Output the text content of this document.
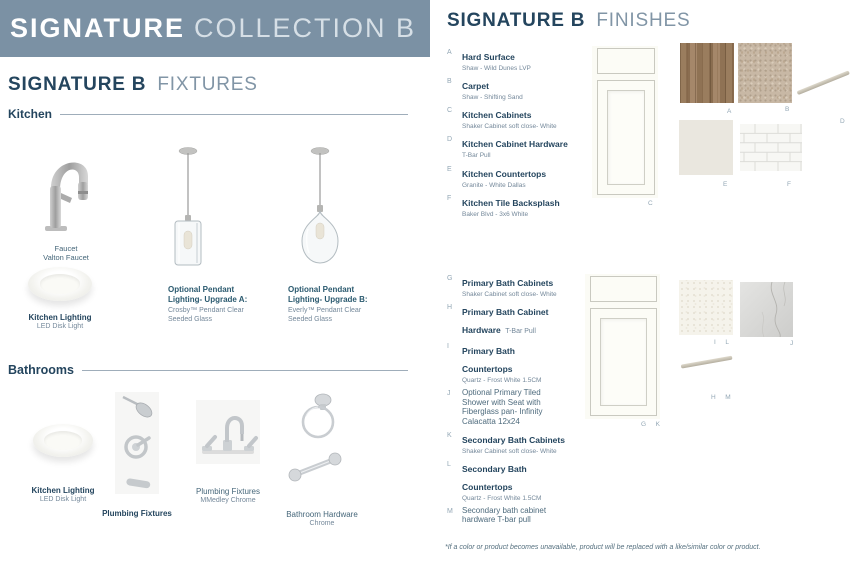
SIGNATURE COLLECTION B
SIGNATURE B FIXTURES
Kitchen
Faucet
Valton Faucet
Kitchen Lighting
LED Disk Light
Optional Pendant
Lighting- Upgrade A:
Crosby™ Pendant Clear
Seeded Glass
Optional Pendant
Lighting- Upgrade B:
Everly™ Pendant Clear
Seeded Glass
Bathrooms
Kitchen Lighting
LED Disk Light
Plumbing Fixtures
Plumbing Fixtures
MMedley Chrome
Bathroom Hardware
Chrome
SIGNATURE B FINISHES
A	Hard Surface
Shaw - Wild Dunes LVP
B	Carpet
Shaw - Shifting Sand
C	Kitchen Cabinets
Shaker Cabinet soft close- White
D	Kitchen Cabinet Hardware
T-Bar Pull
E	Kitchen Countertops
Granite - White Dallas
F	Kitchen Tile Backsplash
Baker Blvd - 3x6 White
C
A	B
D
E	F
G	Primary Bath Cabinets
Shaker Cabinet soft close- White
H	Primary Bath Cabinet Hardware T-Bar Pull
I	Primary Bath Countertops
Quartz - Frost White 1.5CM
J	Optional Primary Tiled Shower with Seat with Fiberglass pan- Infinity Calacatta 12x24
K	Secondary Bath Cabinets
Shaker Cabinet soft close- White
L	Secondary Bath Countertops
Quartz - Frost White 1.5CM
M	Secondary bath cabinet hardware T-bar pull
G  K
I  L	J
H  M
*If a color or product becomes unavailable, product will be replaced with a like/similar color or product.
